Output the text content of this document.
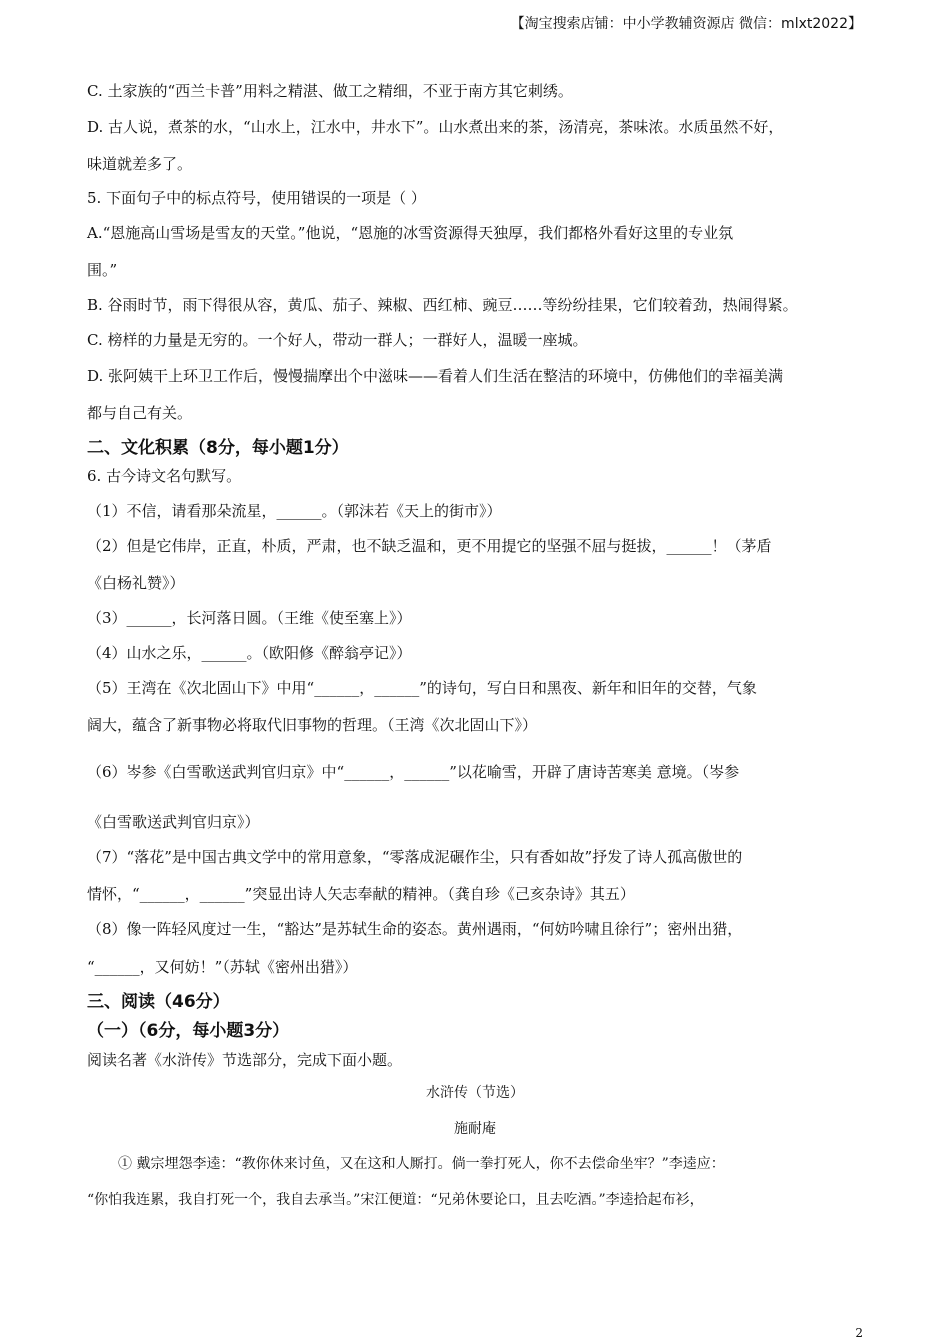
【淘宝搜索店铺：中小学教辅资源店 微信：mlxt2022】
C. 土家族的“西兰卡普”用料之精湛、做工之精细，不亚于南方其它刺绣。
D. 古人说，煮茶的水，“山水上，江水中，井水下”。山水煮出来的茶，汤清亮，茶味浓。水质虽然不好，
味道就差多了。
5. 下面句子中的标点符号，使用错误的一项是（ ）
A.“恩施高山雪场是雪友的天堂。”他说，“恩施的冰雪资源得天独厚，我们都格外看好这里的专业氛
围。”
B. 谷雨时节，雨下得很从容，黄瓜、茄子、辣椒、西红柿、豌豆……等纷纷挂果，它们较着劲，热闹得紧。
C. 榜样的力量是无穷的。一个好人，带动一群人；一群好人，温暖一座城。
D. 张阿姨干上环卫工作后，慢慢揣摩出个中滋味——看着人们生活在整洁的环境中，仿佛他们的幸福美满
都与自己有关。
二、文化积累（8分，每小题1分）
6. 古今诗文名句默写。
（1）不信，请看那朵流星，______。（郭沫若《天上的街市》）
（2）但是它伟岸，正直，朴质，严肃，也不缺乏温和，更不用提它的坚强不屈与挺拔，______！（茅盾
《白杨礼赞》）
（3）______，长河落日圆。（王维《使至塞上》）
（4）山水之乐，______。（欧阳修《醉翁亭记》）
（5）王湾在《次北固山下》中用“______，______”的诗句，写白日和黑夜、新年和旧年的交替，气象
阔大，蕴含了新事物必将取代旧事物的哲理。（王湾《次北固山下》）
（6）岑参《白雪歌送武判官归京》中“______，______”以花喻雪，开辟了唐诗苦寒美 意境。（岑参
《白雪歌送武判官归京》）
（7）“落花”是中国古典文学中的常用意象，“零落成泥碾作尘，只有香如故”抒发了诗人孤高傲世的
情怀，“______，______”突显出诗人矢志奉献的精神。（龚自珍《己亥杂诗》其五）
（8）像一阵轻风度过一生，“豁达”是苏轼生命的姿态。黄州遇雨，“何妨吟啸且徐行”；密州出猎，
“______，又何妨！”（苏轼《密州出猎》）
三、阅读（46分）
（一）（6分，每小题3分）
阅读名著《水浒传》节选部分，完成下面小题。
水浒传（节选）
施耐庵
① 戴宗埋怨李逵：“教你休来讨鱼，又在这和人厮打。倘一拳打死人，你不去偿命坐牢？”李逵应：
“你怕我连累，我自打死一个，我自去承当。”宋江便道：“兄弟休要论口，且去吃酒。”李逵拾起布衫，
2
